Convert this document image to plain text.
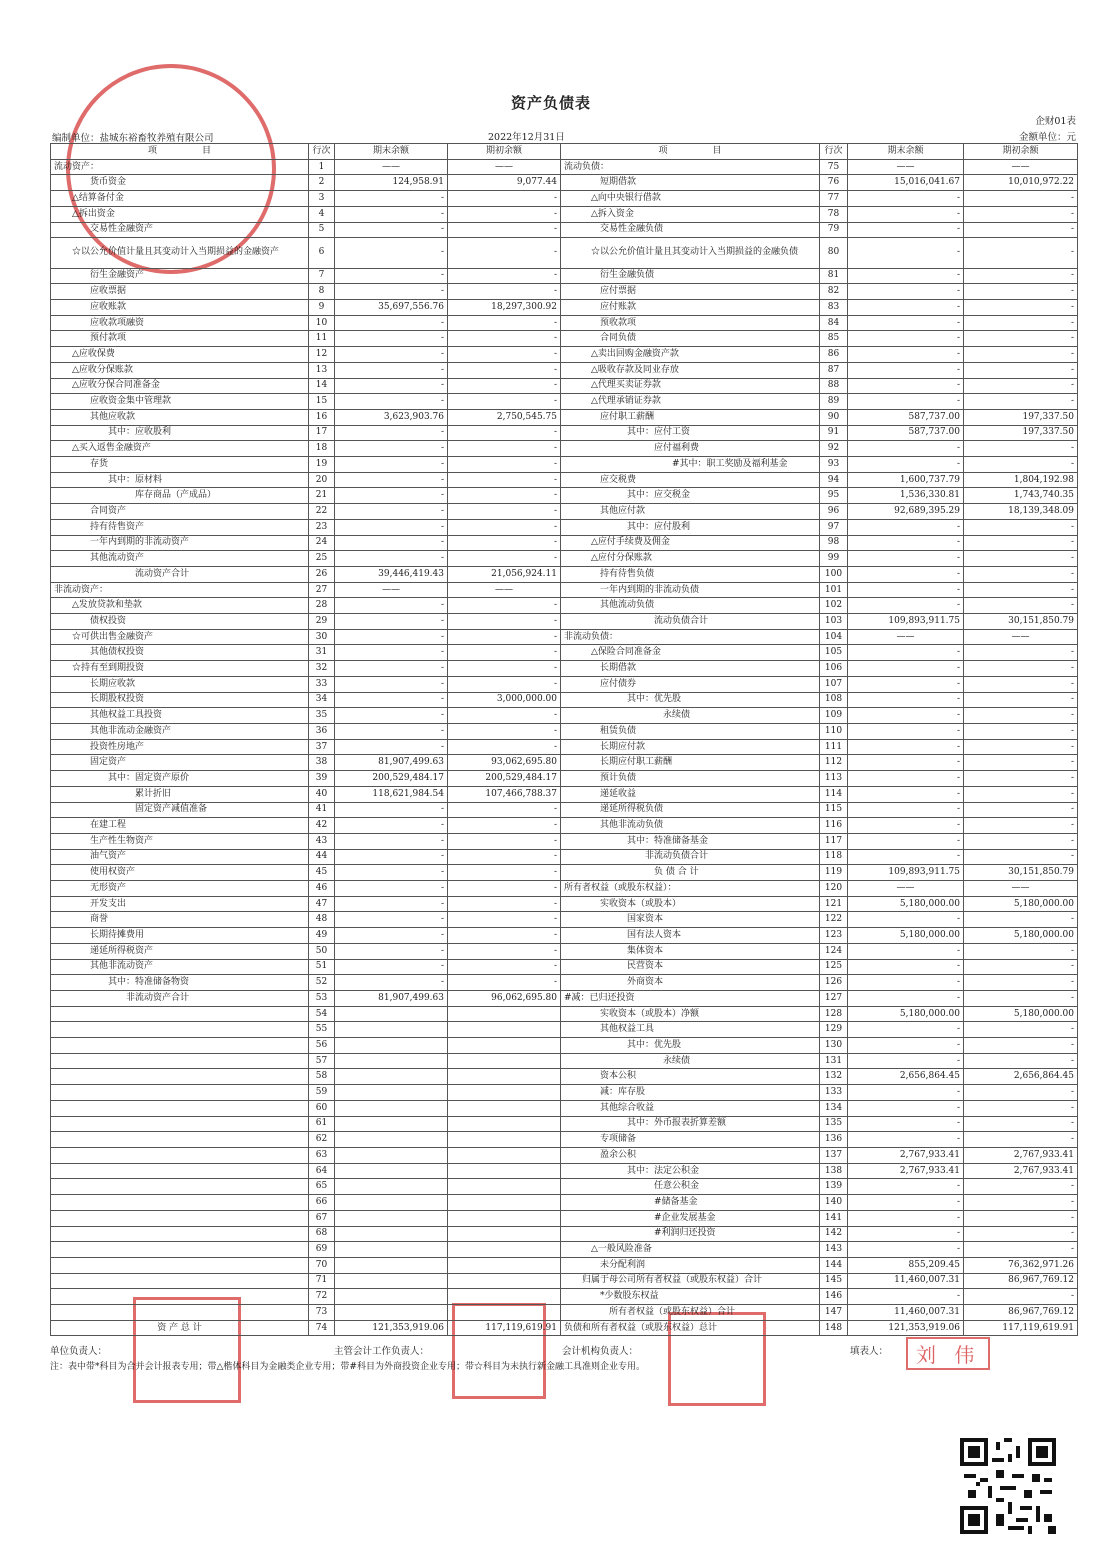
资产负债表
企财01表
编制单位：盐城东裕畜牧养殖有限公司	2022年12月31日	金额单位：元
项　　　　　目	行次	期末余额	期初余额	项　　　　　目	行次	期末余额	期初余额
流动资产：	1	——	——	流动负债：	75	——	——
货币资金	2	124,958.91	9,077.44	短期借款	76	15,016,041.67	10,010,972.22
△结算备付金	3	-	-	△向中央银行借款	77	-	-
△拆出资金	4	-	-	△拆入资金	78	-	-
交易性金融资产	5	-	-	交易性金融负债	79	-	-
☆以公允价值计量且其变动计入当期损益的金融资产	6	-	-	☆以公允价值计量且其变动计入当期损益的金融负债	80	-	-
衍生金融资产	7	-	-	衍生金融负债	81	-	-
应收票据	8	-	-	应付票据	82	-	-
应收账款	9	35,697,556.76	18,297,300.92	应付账款	83	-	-
应收款项融资	10	-	-	预收款项	84	-	-
预付款项	11	-	-	合同负债	85	-	-
△应收保费	12	-	-	△卖出回购金融资产款	86	-	-
△应收分保账款	13	-	-	△吸收存款及同业存放	87	-	-
△应收分保合同准备金	14	-	-	△代理买卖证券款	88	-	-
应收资金集中管理款	15	-	-	△代理承销证券款	89	-	-
其他应收款	16	3,623,903.76	2,750,545.75	应付职工薪酬	90	587,737.00	197,337.50
其中：应收股利	17	-	-	其中：应付工资	91	587,737.00	197,337.50
△买入返售金融资产	18	-	-	应付福利费	92	-	-
存货	19	-	-	#其中：职工奖励及福利基金	93	-	-
其中：原材料	20	-	-	应交税费	94	1,600,737.79	1,804,192.98
库存商品（产成品）	21	-	-	其中：应交税金	95	1,536,330.81	1,743,740.35
合同资产	22	-	-	其他应付款	96	92,689,395.29	18,139,348.09
持有待售资产	23	-	-	其中：应付股利	97	-	-
一年内到期的非流动资产	24	-	-	△应付手续费及佣金	98	-	-
其他流动资产	25	-	-	△应付分保账款	99	-	-
流动资产合计	26	39,446,419.43	21,056,924.11	持有待售负债	100	-	-
非流动资产：	27	——	——	一年内到期的非流动负债	101	-	-
△发放贷款和垫款	28	-	-	其他流动负债	102	-	-
债权投资	29	-	-	流动负债合计	103	109,893,911.75	30,151,850.79
☆可供出售金融资产	30	-	-	非流动负债：	104	——	——
其他债权投资	31	-	-	△保险合同准备金	105	-	-
☆持有至到期投资	32	-	-	长期借款	106	-	-
长期应收款	33	-	-	应付债券	107	-	-
长期股权投资	34	-	3,000,000.00	其中：优先股	108	-	-
其他权益工具投资	35	-	-	永续债	109	-	-
其他非流动金融资产	36	-	-	租赁负债	110	-	-
投资性房地产	37	-	-	长期应付款	111	-	-
固定资产	38	81,907,499.63	93,062,695.80	长期应付职工薪酬	112	-	-
其中：固定资产原价	39	200,529,484.17	200,529,484.17	预计负债	113	-	-
累计折旧	40	118,621,984.54	107,466,788.37	递延收益	114	-	-
固定资产减值准备	41	-	-	递延所得税负债	115	-	-
在建工程	42	-	-	其他非流动负债	116	-	-
生产性生物资产	43	-	-	其中：特准储备基金	117	-	-
油气资产	44	-	-	非流动负债合计	118	-	-
使用权资产	45	-	-	负 债 合 计	119	109,893,911.75	30,151,850.79
无形资产	46	-	-	所有者权益（或股东权益）：	120	——	——
开发支出	47	-	-	实收资本（或股本）	121	5,180,000.00	5,180,000.00
商誉	48	-	-	国家资本	122	-	-
长期待摊费用	49	-	-	国有法人资本	123	5,180,000.00	5,180,000.00
递延所得税资产	50	-	-	集体资本	124	-	-
其他非流动资产	51	-	-	民营资本	125	-	-
其中：特准储备物资	52	-	-	外商资本	126	-	-
非流动资产合计	53	81,907,499.63	96,062,695.80	#减：已归还投资	127	-	-
	54			实收资本（或股本）净额	128	5,180,000.00	5,180,000.00
	55			其他权益工具	129	-	-
	56			其中：优先股	130	-	-
	57			永续债	131	-	-
	58			资本公积	132	2,656,864.45	2,656,864.45
	59			减：库存股	133	-	-
	60			其他综合收益	134	-	-
	61			其中：外币报表折算差额	135	-	-
	62			专项储备	136	-	-
	63			盈余公积	137	2,767,933.41	2,767,933.41
	64			其中：法定公积金	138	2,767,933.41	2,767,933.41
	65			任意公积金	139	-	-
	66			#储备基金	140	-	-
	67			#企业发展基金	141	-	-
	68			#利润归还投资	142	-	-
	69			△一般风险准备	143	-	-
	70			未分配利润	144	855,209.45	76,362,971.26
	71			归属于母公司所有者权益（或股东权益）合计	145	11,460,007.31	86,967,769.12
	72			*少数股东权益	146	-	-
	73			所有者权益（或股东权益）合计	147	11,460,007.31	86,967,769.12
资 产 总 计	74	121,353,919.06	117,119,619.91	负债和所有者权益（或股东权益）总计	148	121,353,919.06	117,119,619.91
单位负责人：	主管会计工作负责人：	会计机构负责人：	填表人：	刘 伟
注：表中带*科目为合并会计报表专用；带△楷体科目为金融类企业专用；带#科目为外商投资企业专用；带☆科目为未执行新金融工具准则企业专用。
